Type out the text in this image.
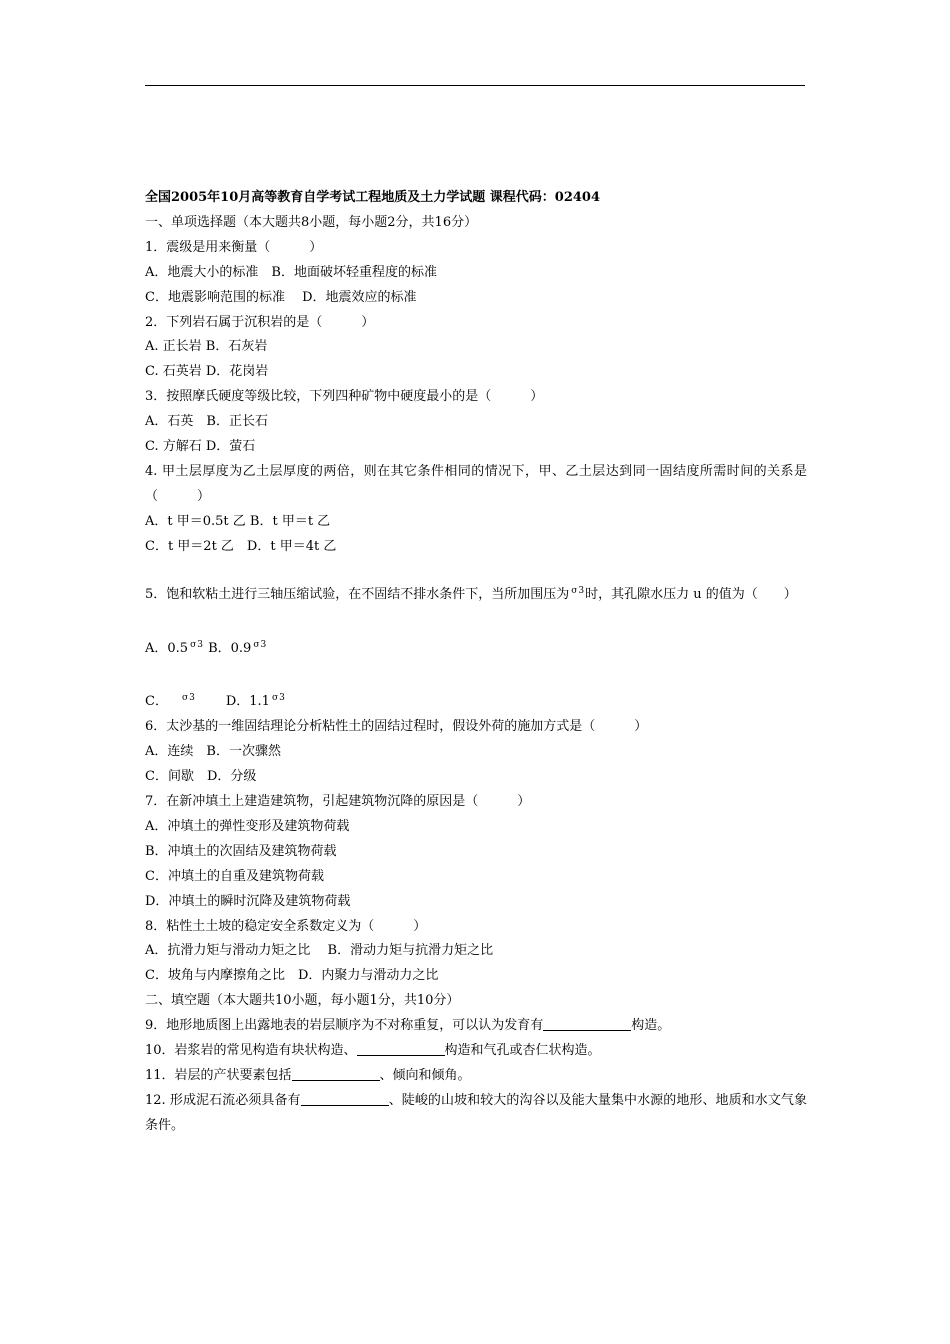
全国2005年10月高等教育自学考试工程地质及土力学试题 课程代码：02404
一、单项选择题（本大题共8小题，每小题2分，共16分）
1．震级是用来衡量（　　　）
A．地震大小的标准　B．地面破坏轻重程度的标准
C．地震影响范围的标准　 D．地震效应的标准
2．下列岩石属于沉积岩的是（　　　）
A. 正长岩 B．石灰岩
C. 石英岩 D．花岗岩
3．按照摩氏硬度等级比较，下列四种矿物中硬度最小的是（　　　）
A．石英　B．正长石
C. 方解石 D．萤石
4. 甲土层厚度为乙土层厚度的两倍，则在其它条件相同的情况下，甲、乙土层达到同一固结度所需时间的关系是（　　　）
A．t 甲＝0.5t 乙 B．t 甲＝t 乙
C．t 甲＝2t 乙　D．t 甲＝4t 乙
5．饱和软粘土进行三轴压缩试验，在不固结不排水条件下，当所加围压为 $^{\sigma 3}$时，其孔隙水压力 u 的值为（　　）
A．0.5 $^{\sigma 3}$ B．0.9 $^{\sigma 3}$
C． $^{\sigma 3}$ D．1.1 $^{\sigma 3}$
6．太沙基的一维固结理论分析粘性土的固结过程时，假设外荷的施加方式是（　　　）
A．连续　B．一次骤然
C．间歇　D．分级
7．在新冲填土上建造建筑物，引起建筑物沉降的原因是（　　　）
A．冲填土的弹性变形及建筑物荷载
B．冲填土的次固结及建筑物荷载
C．冲填土的自重及建筑物荷载
D．冲填土的瞬时沉降及建筑物荷载
8．粘性土土坡的稳定安全系数定义为（　　　）
A．抗滑力矩与滑动力矩之比　 B．滑动力矩与抗滑力矩之比
C．坡角与内摩擦角之比　D．内聚力与滑动力之比
二、填空题（本大题共10小题，每小题1分，共10分）
9．地形地质图上出露地表的岩层顺序为不对称重复，可以认为发育有	构造。
10．岩浆岩的常见构造有块状构造、	构造和气孔或杏仁状构造。
11．岩层的产状要素包括	、倾向和倾角。
12. 形成泥石流必须具备有	、陡峻的山坡和较大的沟谷以及能大量集中水源的地形、地质和水文气象条件。
